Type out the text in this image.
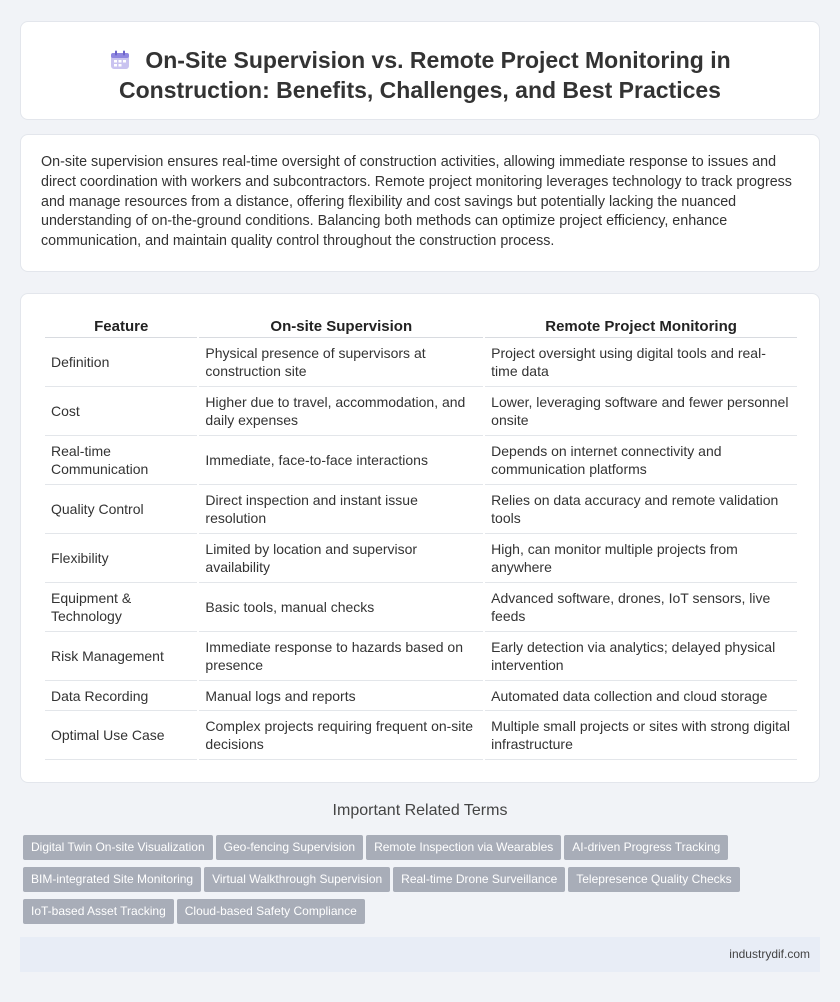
On-Site Supervision vs. Remote Project Monitoring in Construction: Benefits, Challenges, and Best Practices

On-site supervision ensures real-time oversight of construction activities, allowing immediate response to issues and direct coordination with workers and subcontractors. Remote project monitoring leverages technology to track progress and manage resources from a distance, offering flexibility and cost savings but potentially lacking the nuanced understanding of on-the-ground conditions. Balancing both methods can optimize project efficiency, enhance communication, and maintain quality control throughout the construction process.

Feature	On-site Supervision	Remote Project Monitoring
Definition	Physical presence of supervisors at construction site	Project oversight using digital tools and real-time data
Cost	Higher due to travel, accommodation, and daily expenses	Lower, leveraging software and fewer personnel onsite
Real-time Communication	Immediate, face-to-face interactions	Depends on internet connectivity and communication platforms
Quality Control	Direct inspection and instant issue resolution	Relies on data accuracy and remote validation tools
Flexibility	Limited by location and supervisor availability	High, can monitor multiple projects from anywhere
Equipment & Technology	Basic tools, manual checks	Advanced software, drones, IoT sensors, live feeds
Risk Management	Immediate response to hazards based on presence	Early detection via analytics; delayed physical intervention
Data Recording	Manual logs and reports	Automated data collection and cloud storage
Optimal Use Case	Complex projects requiring frequent on-site decisions	Multiple small projects or sites with strong digital infrastructure
Important Related Terms
Digital Twin On-site Visualization Geo-fencing Supervision Remote Inspection via Wearables AI-driven Progress Tracking
BIM-integrated Site Monitoring Virtual Walkthrough Supervision Real-time Drone Surveillance Telepresence Quality Checks
IoT-based Asset Tracking Cloud-based Safety Compliance
industrydif.com
